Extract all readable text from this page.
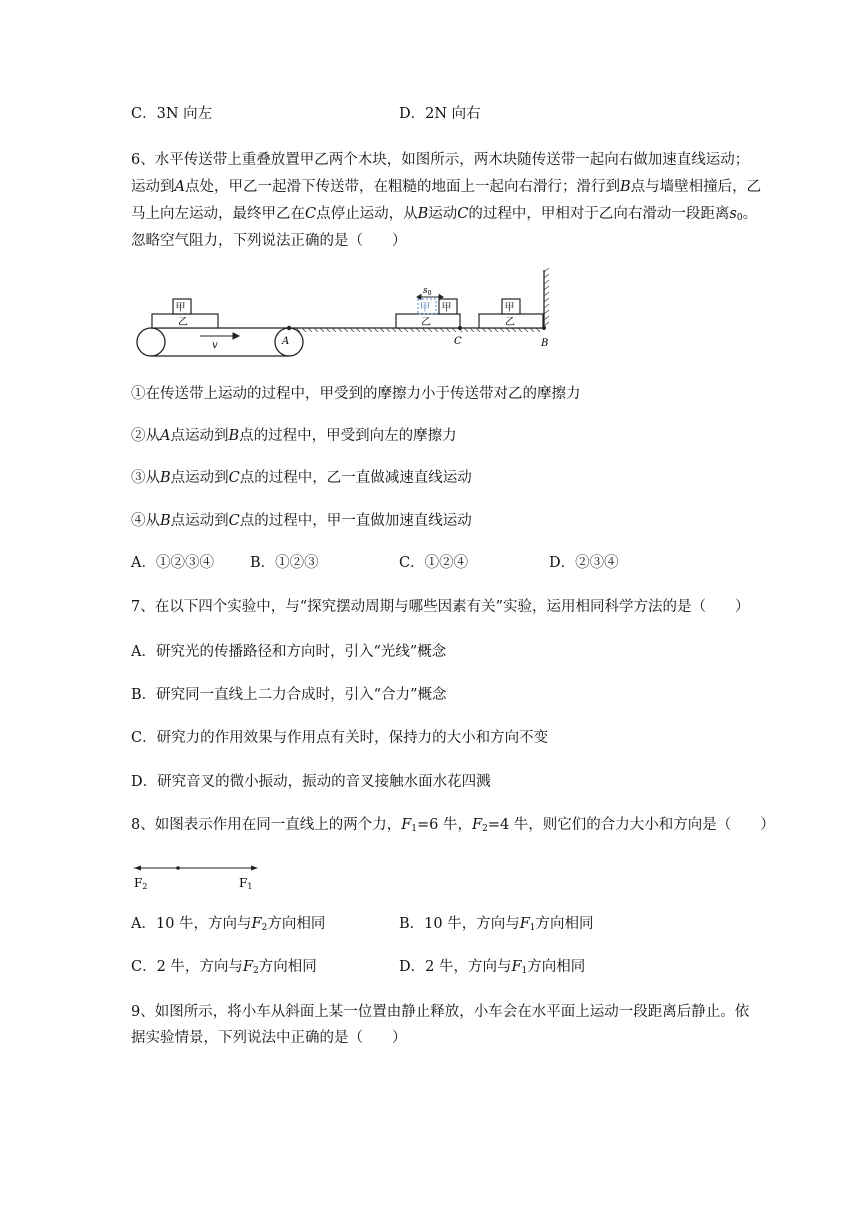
C．3N 向左	D．2N 向右
6、水平传送带上重叠放置甲乙两个木块，如图所示，两木块随传送带一起向右做加速直线运动；
运动到A点处，甲乙一起滑下传送带，在粗糙的地面上一起向右滑行；滑行到B点与墙壁相撞后，乙
马上向左运动，最终甲乙在C点停止运动，从B运动C的过程中，甲相对于乙向右滑动一段距离$s_0$。
忽略空气阻力，下列说法正确的是（　　）
A
v
乙
甲
乙
甲
甲
$s_0$
C
乙
甲
B
①在传送带上运动的过程中，甲受到的摩擦力小于传送带对乙的摩擦力
②从A点运动到B点的过程中，甲受到向左的摩擦力
③从B点运动到C点的过程中，乙一直做减速直线运动
④从B点运动到C点的过程中，甲一直做加速直线运动
A．①②③④ B．①②③	C．①②④	D．②③④
7、在以下四个实验中，与“探究摆动周期与哪些因素有关”实验，运用相同科学方法的是（　　）
A．研究光的传播路径和方向时，引入“光线”概念
B．研究同一直线上二力合成时，引入“合力”概念
C．研究力的作用效果与作用点有关时，保持力的大小和方向不变
D．研究音叉的微小振动，振动的音叉接触水面水花四溅
8、如图表示作用在同一直线上的两个力，$F_1=6$ 牛，$F_2=4$ 牛，则它们的合力大小和方向是（　　）
F2	F1
A．10 牛，方向与$F_2$方向相同	B．10 牛，方向与$F_1$方向相同
C．2 牛，方向与$F_2$方向相同	D．2 牛，方向与$F_1$方向相同
9、如图所示，将小车从斜面上某一位置由静止释放，小车会在水平面上运动一段距离后静止。依
据实验情景，下列说法中正确的是（　　）
